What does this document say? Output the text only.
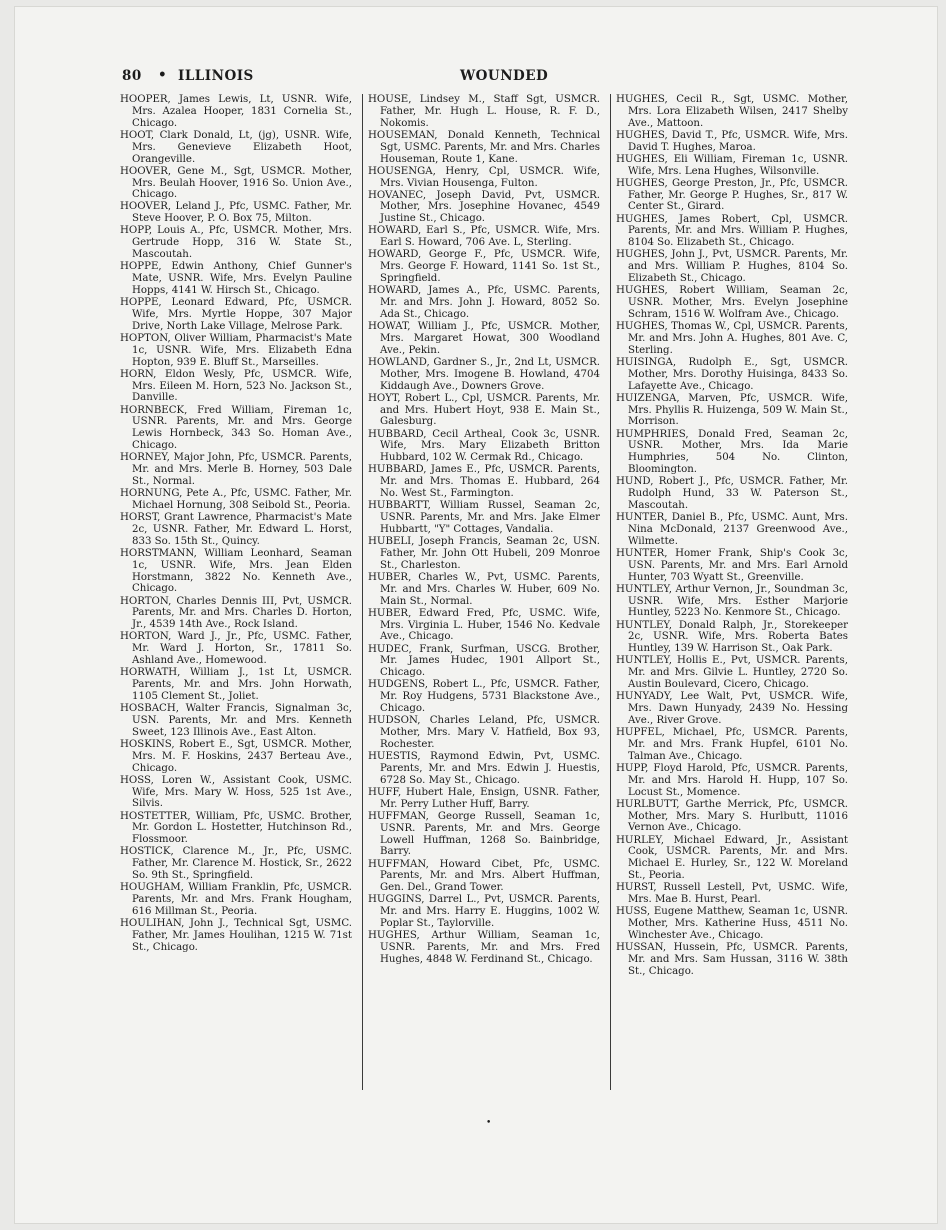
80 • ILLINOIS	WOUNDED

HOOPER, James Lewis, Lt, USNR. Wife, Mrs. Azalea Hooper, 1831 Cornelia St., Chicago.

HOOT, Clark Donald, Lt, (jg), USNR. Wife, Mrs. Genevieve Elizabeth Hoot, Orangeville.

HOOVER, Gene M., Sgt, USMCR. Mother, Mrs. Beulah Hoover, 1916 So. Union Ave., Chicago.

HOOVER, Leland J., Pfc, USMC. Father, Mr. Steve Hoover, P. O. Box 75, Milton.

HOPP, Louis A., Pfc, USMCR. Mother, Mrs. Gertrude Hopp, 316 W. State St., Mascoutah.

HOPPE, Edwin Anthony, Chief Gunner's Mate, USNR. Wife, Mrs. Evelyn Pauline Hopps, 4141 W. Hirsch St., Chicago.

HOPPE, Leonard Edward, Pfc, USMCR. Wife, Mrs. Myrtle Hoppe, 307 Major Drive, North Lake Village, Melrose Park.

HOPTON, Oliver William, Pharmacist's Mate 1c, USNR. Wife, Mrs. Elizabeth Edna Hopton, 939 E. Bluff St., Marseilles.

HORN, Eldon Wesly, Pfc, USMCR. Wife, Mrs. Eileen M. Horn, 523 No. Jackson St., Danville.

HORNBECK, Fred William, Fireman 1c, USNR. Parents, Mr. and Mrs. George Lewis Hornbeck, 343 So. Homan Ave., Chicago.

HORNEY, Major John, Pfc, USMCR. Parents, Mr. and Mrs. Merle B. Horney, 503 Dale St., Normal.

HORNUNG, Pete A., Pfc, USMC. Father, Mr. Michael Hornung, 308 Seibold St., Peoria.

HORST, Grant Lawrence, Pharmacist's Mate 2c, USNR. Father, Mr. Edward L. Horst, 833 So. 15th St., Quincy.

HORSTMANN, William Leonhard, Seaman 1c, USNR. Wife, Mrs. Jean Elden Horstmann, 3822 No. Kenneth Ave., Chicago.

HORTON, Charles Dennis III, Pvt, USMCR. Parents, Mr. and Mrs. Charles D. Horton, Jr., 4539 14th Ave., Rock Island.

HORTON, Ward J., Jr., Pfc, USMC. Father, Mr. Ward J. Horton, Sr., 17811 So. Ashland Ave., Homewood.

HORWATH, William J., 1st Lt, USMCR. Parents, Mr. and Mrs. John Horwath, 1105 Clement St., Joliet.

HOSBACH, Walter Francis, Signalman 3c, USN. Parents, Mr. and Mrs. Kenneth Sweet, 123 Illinois Ave., East Alton.

HOSKINS, Robert E., Sgt, USMCR. Mother, Mrs. M. F. Hoskins, 2437 Berteau Ave., Chicago.

HOSS, Loren W., Assistant Cook, USMC. Wife, Mrs. Mary W. Hoss, 525 1st Ave., Silvis.

HOSTETTER, William, Pfc, USMC. Brother, Mr. Gordon L. Hostetter, Hutchinson Rd., Flossmoor.

HOSTICK, Clarence M., Jr., Pfc, USMC. Father, Mr. Clarence M. Hostick, Sr., 2622 So. 9th St., Springfield.

HOUGHAM, William Franklin, Pfc, USMCR. Parents, Mr. and Mrs. Frank Hougham, 616 Millman St., Peoria.

HOULIHAN, John J., Technical Sgt, USMC. Father, Mr. James Houlihan, 1215 W. 71st St., Chicago.

HOUSE, Lindsey M., Staff Sgt, USMCR. Father, Mr. Hugh L. House, R. F. D., Nokomis.

HOUSEMAN, Donald Kenneth, Technical Sgt, USMC. Parents, Mr. and Mrs. Charles Houseman, Route 1, Kane.

HOUSENGA, Henry, Cpl, USMCR. Wife, Mrs. Vivian Housenga, Fulton.

HOVANEC, Joseph David, Pvt, USMCR. Mother, Mrs. Josephine Hovanec, 4549 Justine St., Chicago.

HOWARD, Earl S., Pfc, USMCR. Wife, Mrs. Earl S. Howard, 706 Ave. L, Sterling.

HOWARD, George F., Pfc, USMCR. Wife, Mrs. George F. Howard, 1141 So. 1st St., Springfield.

HOWARD, James A., Pfc, USMC. Parents, Mr. and Mrs. John J. Howard, 8052 So. Ada St., Chicago.

HOWAT, William J., Pfc, USMCR. Mother, Mrs. Margaret Howat, 300 Woodland Ave., Pekin.

HOWLAND, Gardner S., Jr., 2nd Lt, USMCR. Mother, Mrs. Imogene B. Howland, 4704 Kiddaugh Ave., Downers Grove.

HOYT, Robert L., Cpl, USMCR. Parents, Mr. and Mrs. Hubert Hoyt, 938 E. Main St., Galesburg.

HUBBARD, Cecil Artheal, Cook 3c, USNR. Wife, Mrs. Mary Elizabeth Britton Hubbard, 102 W. Cermak Rd., Chicago.

HUBBARD, James E., Pfc, USMCR. Parents, Mr. and Mrs. Thomas E. Hubbard, 264 No. West St., Farmington.

HUBBARTT, William Russel, Seaman 2c, USNR. Parents, Mr. and Mrs. Jake Elmer Hubbartt, "Y" Cottages, Vandalia.

HUBELI, Joseph Francis, Seaman 2c, USN. Father, Mr. John Ott Hubeli, 209 Monroe St., Charleston.

HUBER, Charles W., Pvt, USMC. Parents, Mr. and Mrs. Charles W. Huber, 609 No. Main St., Normal.

HUBER, Edward Fred, Pfc, USMC. Wife, Mrs. Virginia L. Huber, 1546 No. Kedvale Ave., Chicago.

HUDEC, Frank, Surfman, USCG. Brother, Mr. James Hudec, 1901 Allport St., Chicago.

HUDGENS, Robert L., Pfc, USMCR. Father, Mr. Roy Hudgens, 5731 Blackstone Ave., Chicago.

HUDSON, Charles Leland, Pfc, USMCR. Mother, Mrs. Mary V. Hatfield, Box 93, Rochester.

HUESTIS, Raymond Edwin, Pvt, USMC. Parents, Mr. and Mrs. Edwin J. Huestis, 6728 So. May St., Chicago.

HUFF, Hubert Hale, Ensign, USNR. Father, Mr. Perry Luther Huff, Barry.

HUFFMAN, George Russell, Seaman 1c, USNR. Parents, Mr. and Mrs. George Lowell Huffman, 1268 So. Bainbridge, Barry.

HUFFMAN, Howard Cibet, Pfc, USMC. Parents, Mr. and Mrs. Albert Huffman, Gen. Del., Grand Tower.

HUGGINS, Darrel L., Pvt, USMCR. Parents, Mr. and Mrs. Harry E. Huggins, 1002 W. Poplar St., Taylorville.

HUGHES, Arthur William, Seaman 1c, USNR. Parents, Mr. and Mrs. Fred Hughes, 4848 W. Ferdinand St., Chicago.

HUGHES, Cecil R., Sgt, USMC. Mother, Mrs. Lora Elizabeth Wilsen, 2417 Shelby Ave., Mattoon.

HUGHES, David T., Pfc, USMCR. Wife, Mrs. David T. Hughes, Maroa.

HUGHES, Eli William, Fireman 1c, USNR. Wife, Mrs. Lena Hughes, Wilsonville.

HUGHES, George Preston, Jr., Pfc, USMCR. Father, Mr. George P. Hughes, Sr., 817 W. Center St., Girard.

HUGHES, James Robert, Cpl, USMCR. Parents, Mr. and Mrs. William P. Hughes, 8104 So. Elizabeth St., Chicago.

HUGHES, John J., Pvt, USMCR. Parents, Mr. and Mrs. William P. Hughes, 8104 So. Elizabeth St., Chicago.

HUGHES, Robert William, Seaman 2c, USNR. Mother, Mrs. Evelyn Josephine Schram, 1516 W. Wolfram Ave., Chicago.

HUGHES, Thomas W., Cpl, USMCR. Parents, Mr. and Mrs. John A. Hughes, 801 Ave. C, Sterling.

HUISINGA, Rudolph E., Sgt, USMCR. Mother, Mrs. Dorothy Huisinga, 8433 So. Lafayette Ave., Chicago.

HUIZENGA, Marven, Pfc, USMCR. Wife, Mrs. Phyllis R. Huizenga, 509 W. Main St., Morrison.

HUMPHRIES, Donald Fred, Seaman 2c, USNR. Mother, Mrs. Ida Marie Humphries, 504 No. Clinton, Bloomington.

HUND, Robert J., Pfc, USMCR. Father, Mr. Rudolph Hund, 33 W. Paterson St., Mascoutah.

HUNTER, Daniel B., Pfc, USMC. Aunt, Mrs. Nina McDonald, 2137 Greenwood Ave., Wilmette.

HUNTER, Homer Frank, Ship's Cook 3c, USN. Parents, Mr. and Mrs. Earl Arnold Hunter, 703 Wyatt St., Greenville.

HUNTLEY, Arthur Vernon, Jr., Soundman 3c, USNR. Wife, Mrs. Esther Marjorie Huntley, 5223 No. Kenmore St., Chicago.

HUNTLEY, Donald Ralph, Jr., Storekeeper 2c, USNR. Wife, Mrs. Roberta Bates Huntley, 139 W. Harrison St., Oak Park.

HUNTLEY, Hollis E., Pvt, USMCR. Parents, Mr. and Mrs. Gilvie L. Huntley, 2720 So. Austin Boulevard, Cicero, Chicago.

HUNYADY, Lee Walt, Pvt, USMCR. Wife, Mrs. Dawn Hunyady, 2439 No. Hessing Ave., River Grove.

HUPFEL, Michael, Pfc, USMCR. Parents, Mr. and Mrs. Frank Hupfel, 6101 No. Talman Ave., Chicago.

HUPP, Floyd Harold, Pfc, USMCR. Parents, Mr. and Mrs. Harold H. Hupp, 107 So. Locust St., Momence.

HURLBUTT, Garthe Merrick, Pfc, USMCR. Mother, Mrs. Mary S. Hurlbutt, 11016 Vernon Ave., Chicago.

HURLEY, Michael Edward, Jr., Assistant Cook, USMCR. Parents, Mr. and Mrs. Michael E. Hurley, Sr., 122 W. Moreland St., Peoria.

HURST, Russell Lestell, Pvt, USMC. Wife, Mrs. Mae B. Hurst, Pearl.

HUSS, Eugene Matthew, Seaman 1c, USNR. Mother, Mrs. Katherine Huss, 4511 No. Winchester Ave., Chicago.

HUSSAN, Hussein, Pfc, USMCR. Parents, Mr. and Mrs. Sam Hussan, 3116 W. 38th St., Chicago.

•
